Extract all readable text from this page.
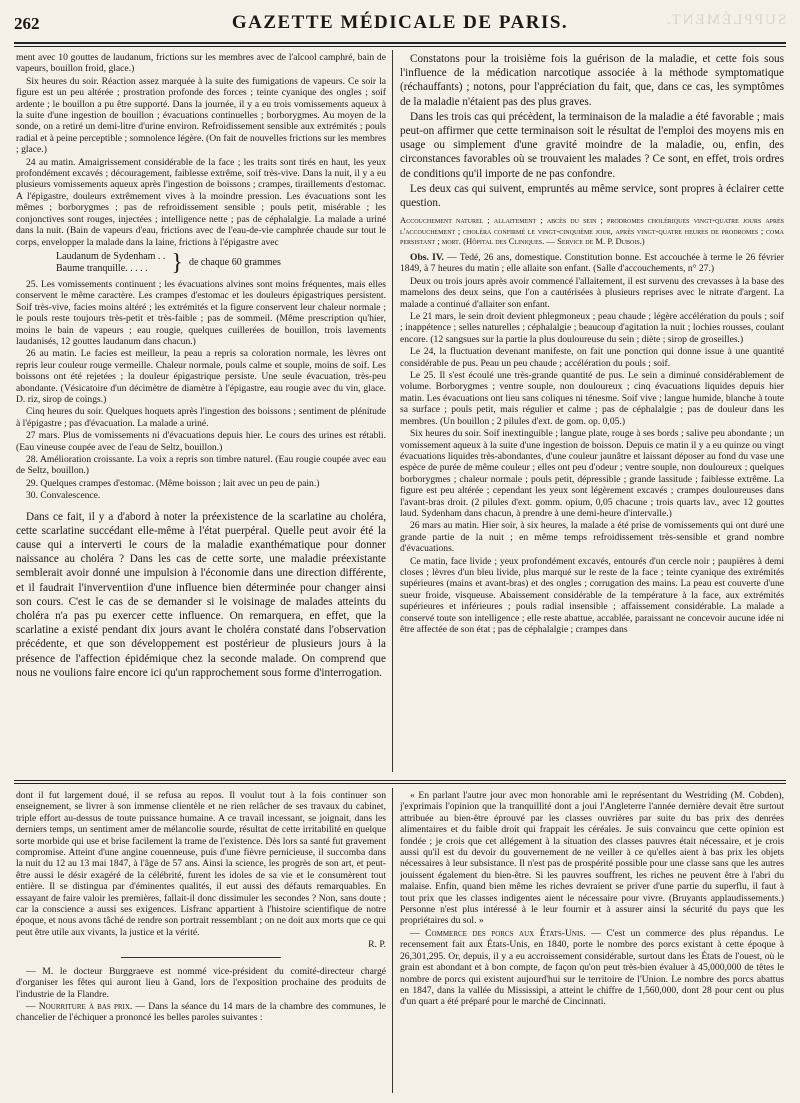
SUPPLÉMENT.
262	GAZETTE MÉDICALE DE PARIS.

ment avec 10 gouttes de laudanum, frictions sur les membres avec de l'alcool camphré, bain de vapeurs, bouillon froid, glace.)

Six heures du soir. Réaction assez marquée à la suite des fumigations de vapeurs. Ce soir la figure est un peu altérée ; prostration profonde des forces ; teinte cyanique des ongles ; soif ardente ; le bouillon a pu être supporté. Dans la journée, il y a eu trois vomissements aqueux à la suite d'une ingestion de bouillon ; évacuations continuelles ; borborygmes. Au moyen de la sonde, on a retiré un demi-litre d'urine environ. Refroidissement sensible aux extrémités ; pouls radial et à peine perceptible ; somnolence légère. (On fait de nouvelles frictions sur les membres ; glace.)

24 au matin. Amaigrissement considérable de la face ; les traits sont tirés en haut, les yeux profondément excavés ; découragement, faiblesse extrême, soif très-vive. Dans la nuit, il y a eu plusieurs vomissements aqueux après l'ingestion de boissons ; crampes, tiraillements d'estomac. A l'épigastre, douleurs extrêmement vives à la moindre pression. Les évacuations sont les mêmes ; borborygmes ; pas de refroidissement sensible ; pouls petit, misérable ; les conjonctives sont rouges, injectées ; intelligence nette ; pas de céphalalgie. La malade a uriné dans la nuit. (Bain de vapeurs d'eau, frictions avec de l'eau-de-vie camphrée chaude sur tout le corps, envelopper la malade dans la laine, frictions à l'épigastre avec

Laudanum de Sydenham . .
Baume tranquille. . . . . } de chaque 60 grammes

25. Les vomissements continuent ; les évacuations alvines sont moins fréquentes, mais elles conservent le même caractère. Les crampes d'estomac et les douleurs épigastriques persistent. Soif très-vive, facies moins altéré ; les extrémités et la figure conservent leur chaleur normale ; le pouls reste toujours très-petit et très-faible ; pas de sommeil. (Même prescription qu'hier, moins le bain de vapeurs ; eau rougie, quelques cuillerées de bouillon, trois lavements laudanisés, 12 gouttes laudanum dans chacun.)

26 au matin. Le facies est meilleur, la peau a repris sa coloration normale, les lèvres ont repris leur couleur rouge vermeille. Chaleur normale, pouls calme et souple, moins de soif. Les boissons ont été rejetées ; la douleur épigastrique persiste. Une seule évacuation, très-peu abondante. (Vésicatoire d'un décimètre de diamètre à l'épigastre, eau rougie avec du vin, glace. D. riz, sirop de coings.)

Cinq heures du soir. Quelques hoquets après l'ingestion des boissons ; sentiment de plénitude à l'épigastre ; pas d'évacuation. La malade a uriné.

27 mars. Plus de vomissements ni d'évacuations depuis hier. Le cours des urines est rétabli. (Eau vineuse coupée avec de l'eau de Seltz, bouillon.)

28. Amélioration croissante. La voix a repris son timbre naturel. (Eau rougie coupée avec eau de Seltz, bouillon.)

29. Quelques crampes d'estomac. (Même boisson ; lait avec un peu de pain.)

30. Convalescence.

Dans ce fait, il y a d'abord à noter la préexistence de la scarlatine au choléra, cette scarlatine succédant elle-même à l'état puerpéral. Quelle peut avoir été la cause qui a interverti le cours de la maladie exanthématique pour donner naissance au choléra ? Dans les cas de cette sorte, une maladie préexistante semblerait avoir donné une impulsion à l'économie dans une direction différente, et il faudrait l'inverventiion d'une influence bien déterminée pour changer ainsi son cours. C'est le cas de se demander si le voisinage de malades atteints du choléra n'a pas pu exercer cette influence. On remarquera, en effet, que la scarlatine a existé pendant dix jours avant le choléra constaté dans l'observation précédente, et que son développement est postérieur de plusieurs jours à la présence de l'affection épidémique chez la seconde malade. On comprend que nous ne voulions faire encore ici qu'un rapprochement sous forme d'interrogation.

Constatons pour la troisième fois la guérison de la maladie, et cette fois sous l'influence de la médication narcotique associée à la méthode symptomatique (réchauffants) ; notons, pour l'appréciation du fait, que, dans ce cas, les symptômes de la maladie n'étaient pas des plus graves.

Dans les trois cas qui précèdent, la terminaison de la maladie a été favorable ; mais peut-on affirmer que cette terminaison soit le résultat de l'emploi des moyens mis en usage ou simplement d'une gravité moindre de la maladie, ou, enfin, des circonstances favorables où se trouvaient les malades ? Ce sont, en effet, trois ordres de conditions qu'il importe de ne pas confondre.

Les deux cas qui suivent, empruntés au même service, sont propres à éclairer cette question.

Accouchement naturel ; allaitement ; abcès du sein ; prodromes cholériques vingt-quatre jours après l'accouchement ; choléra confirmé le vingt-cinquième jour, après vingt-quatre heures de prodromes ; coma persistant ; mort. (Hôpital des Cliniques. — Service de M. P. Dubois.)

Obs. IV. — Tedé, 26 ans, domestique. Constitution bonne. Est accouchée à terme le 26 février 1849, à 7 heures du matin ; elle allaite son enfant. (Salle d'accouchements, n° 27.)

Deux ou trois jours après avoir commencé l'allaitement, il est survenu des crevasses à la base des mamelons des deux seins, que l'on a cautérisées à plusieurs reprises avec le nitrate d'argent. La malade a continué d'allaiter son enfant.

Le 21 mars, le sein droit devient phlegmoneux ; peau chaude ; légère accélération du pouls ; soif ; inappétence ; selles naturelles ; céphalalgie ; beaucoup d'agitation la nuit ; lochies rousses, coulant encore. (12 sangsues sur la partie la plus douloureuse du sein ; diète ; sirop de groseilles.)

Le 24, la fluctuation devenant manifeste, on fait une ponction qui donne issue à une quantité considérable de pus. Peau un peu chaude ; accélération du pouls ; soif.

Le 25. Il s'est écoulé une très-grande quantité de pus. Le sein a diminué considérablement de volume. Borborygmes ; ventre souple, non douloureux ; cinq évacuations liquides depuis hier matin. Les évacuations ont lieu sans coliques ni ténesme. Soif vive ; langue humide, blanche à toute sa surface ; pouls petit, mais régulier et calme ; pas de céphalalgie ; pas de douleur dans les membres. (Un bouillon ; 2 pilules d'ext. de gom. op. 0,05.)

Six heures du soir. Soif inextinguible ; langue plate, rouge à ses bords ; salive peu abondante ; un vomissement aqueux à la suite d'une ingestion de boisson. Depuis ce matin il y a eu quinze ou vingt évacuations liquides très-abondantes, d'une couleur jaunâtre et laissant déposer au fond du vase une espèce de purée de même couleur ; elles ont peu d'odeur ; ventre souple, non douloureux ; quelques borborygmes ; chaleur normale ; pouls petit, dépressible ; grande lassitude ; faiblesse extrême. La figure est peu altérée ; cependant les yeux sont légèrement excavés ; crampes douloureuses dans l'avant-bras droit. (2 pilules d'ext. gomm. opium, 0,05 chacune ; trois quarts lav., avec 12 gouttes laud. Sydenham dans chacun, à prendre à une demi-heure d'intervalle.)

26 mars au matin. Hier soir, à six heures, la malade a été prise de vomissements qui ont duré une grande partie de la nuit ; en même temps refroidissement très-sensible et grand nombre d'évacuations.

Ce matin, face livide ; yeux profondément excavés, entourés d'un cercle noir ; paupières à demi closes ; lèvres d'un bleu livide, plus marqué sur le reste de la face ; teinte cyanique des extrémités supérieures (mains et avant-bras) et des ongles ; corrugation des mains. La peau est couverte d'une sueur froide, visqueuse. Abaissement considérable de la température à la face, aux extrémités supérieures et inférieures ; pouls radial insensible ; affaissement considérable. La malade a conservé toute son intelligence ; elle reste abattue, accablée, paraissant ne concevoir aucune idée ni être affectée de son état ; pas de céphalalgie ; crampes dans

dont il fut largement doué, il se refusa au repos. Il voulut tout à la fois continuer son enseignement, se livrer à son immense clientèle et ne rien relâcher de ses travaux du cabinet, triple effort au-dessus de toute puissance humaine. A ce travail incessant, se joignait, dans les derniers temps, un sentiment amer de mélancolie sourde, résultat de cette irritabilité en quelque sorte morbide qui use et brise facilement la trame de l'existence. Dès lors sa santé fut gravement compromise. Atteint d'une angine couenneuse, puis d'une fièvre pernicieuse, il succomba dans la nuit du 12 au 13 mai 1847, à l'âge de 57 ans. Ainsi la science, les progrès de son art, et peut-être aussi le désir exagéré de la célébrité, furent les idoles de sa vie et le consumèrent tout entière. Il se distingua par d'éminentes qualités, il eut aussi des défauts remarquables. En essayant de faire valoir les premières, fallait-il donc dissimuler les secondes ? Non, sans doute ; car la conscience a aussi ses exigences. Lisfranc appartient à l'histoire scientifique de notre époque, et nous avons tâché de rendre son portrait ressemblant ; on ne doit aux morts que ce qui peut être utile aux vivants, la justice et la vérité.

R. P.

— M. le docteur Burggraeve est nommé vice-président du comité-directeur chargé d'organiser les fêtes qui auront lieu à Gand, lors de l'exposition prochaine des produits de l'industrie de la Flandre.

— Nourriture à bas prix. — Dans la séance du 14 mars de la chambre des communes, le chancelier de l'échiquer a prononcé les belles paroles suivantes :

« En parlant l'autre jour avec mon honorable ami le représentant du Westriding (M. Cobden), j'exprimais l'opinion que la tranquillité dont a joui l'Angleterre l'année dernière devait être surtout attribuée au bien-être éprouvé par les classes ouvrières par suite du bas prix des denrées alimentaires et du faible droit qui frappait les céréales. Je suis convaincu que cette opinion est fondée ; je crois que cet allégement à la situation des classes pauvres était nécessaire, et je crois aussi qu'il est du devoir du gouvernement de ne veiller à ce qu'elles aient à bas prix les objets nécessaires à leur subsistance. Il n'est pas de prospérité possible pour une classe sans que les autres jouissent également du bien-être. Si les pauvres souffrent, les riches ne peuvent être à l'abri du malaise. Enfin, quand bien même les riches devraient se priver d'une partie du superflu, il faut à tout prix que les classes indigentes aient le nécessaire pour vivre. (Bruyants applaudissements.) Personne n'est plus intéressé à le leur fournir et à assurer ainsi la sécurité du pays que les propriétaires du sol. »

— Commerce des porcs aux États-Unis. — C'est un commerce des plus répandus. Le recensement fait aux États-Unis, en 1840, porte le nombre des porcs existant à cette époque à 26,301,295. Or, depuis, il y a eu accroissement considérable, surtout dans les États de l'ouest, où le grain est abondant et à bon compte, de façon qu'on peut très-bien évaluer à 45,000,000 de têtes le nombre de porcs qui existent aujourd'hui sur le territoire de l'Union. Le nombre des porcs abattus en 1847, dans la vallée du Mississipi, a atteint le chiffre de 1,560,000, dont 28 pour cent ou plus d'un quart a été préparé pour le marché de Cincinnati.
